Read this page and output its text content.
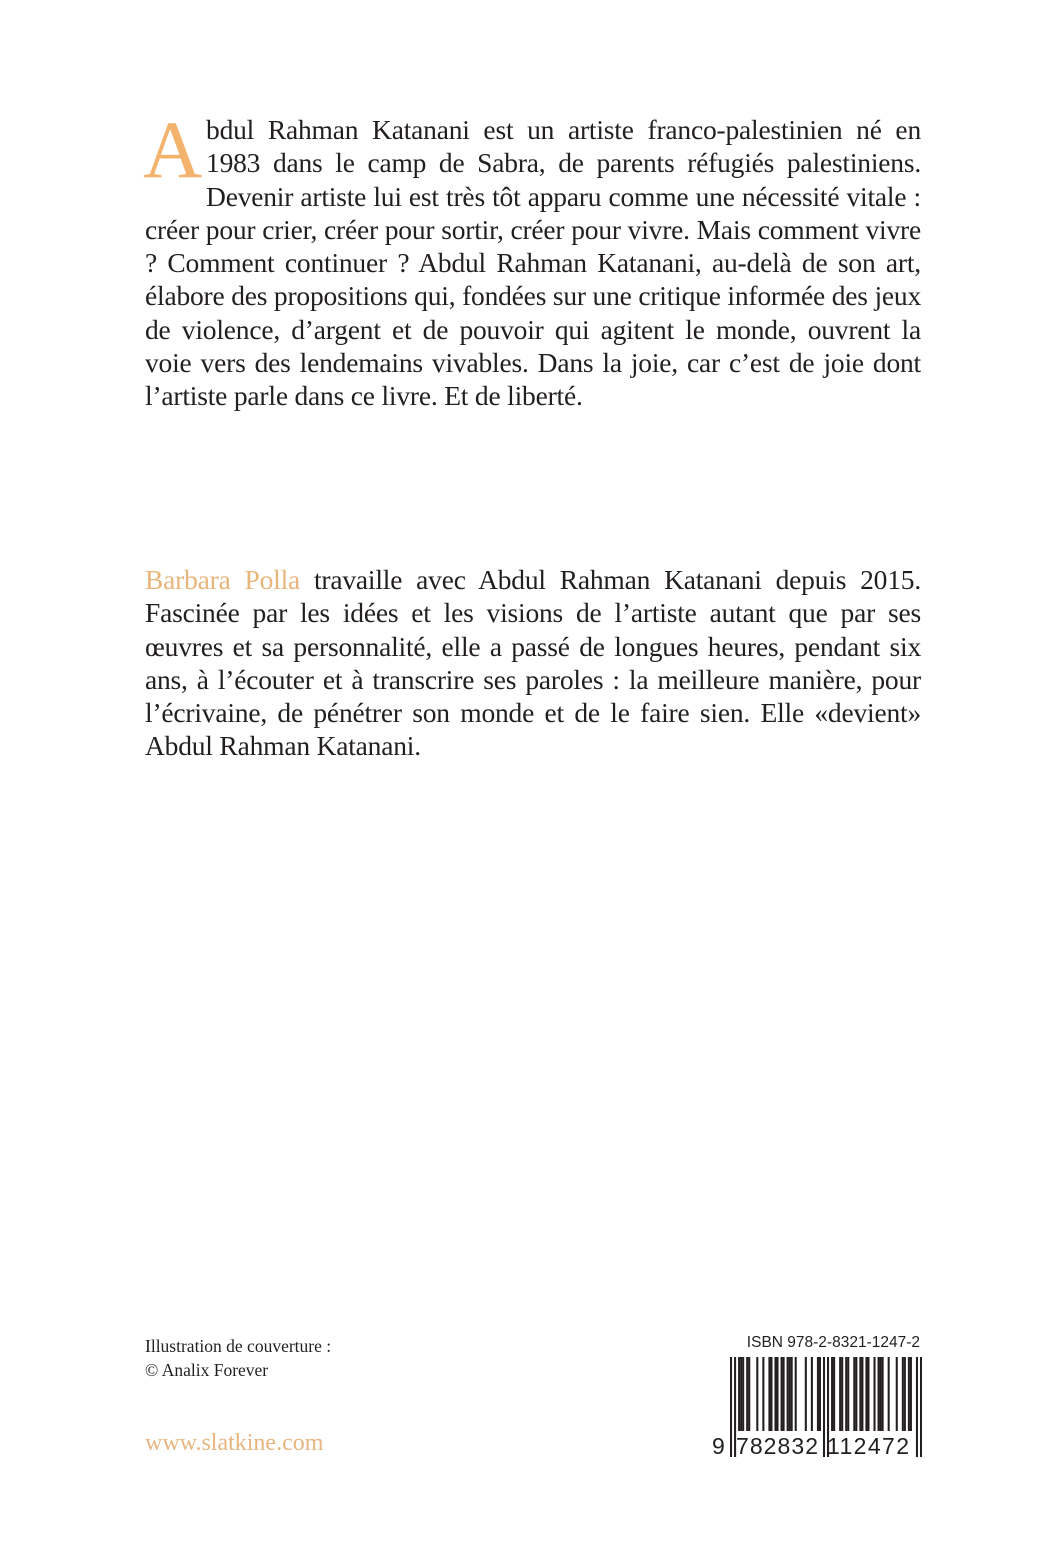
Abdul Rahman Katanani est un artiste franco-palestinien né en 1983 dans le camp de Sabra, de parents réfugiés palestiniens. Devenir artiste lui est très tôt apparu comme une nécessité vitale : créer pour crier, créer pour sortir, créer pour vivre. Mais comment vivre ? Comment continuer ? Abdul Rahman Katanani, au-delà de son art, élabore des propositions qui, fondées sur une critique informée des jeux de violence, d’argent et de pouvoir qui agitent le monde, ouvrent la voie vers des lendemains vivables. Dans la joie, car c’est de joie dont l’artiste parle dans ce livre. Et de liberté.
Barbara Polla travaille avec Abdul Rahman Katanani depuis 2015. Fascinée par les idées et les visions de l’artiste autant que par ses œuvres et sa personnalité, elle a passé de longues heures, pendant six ans, à l’écouter et à transcrire ses paroles : la meilleure manière, pour l’écrivaine, de pénétrer son monde et de le faire sien. Elle «devient» Abdul Rahman Katanani.
Illustration de couverture :
© Analix Forever
www.slatkine.com
ISBN 978-2-8321-1247-2
9 782832 112472
